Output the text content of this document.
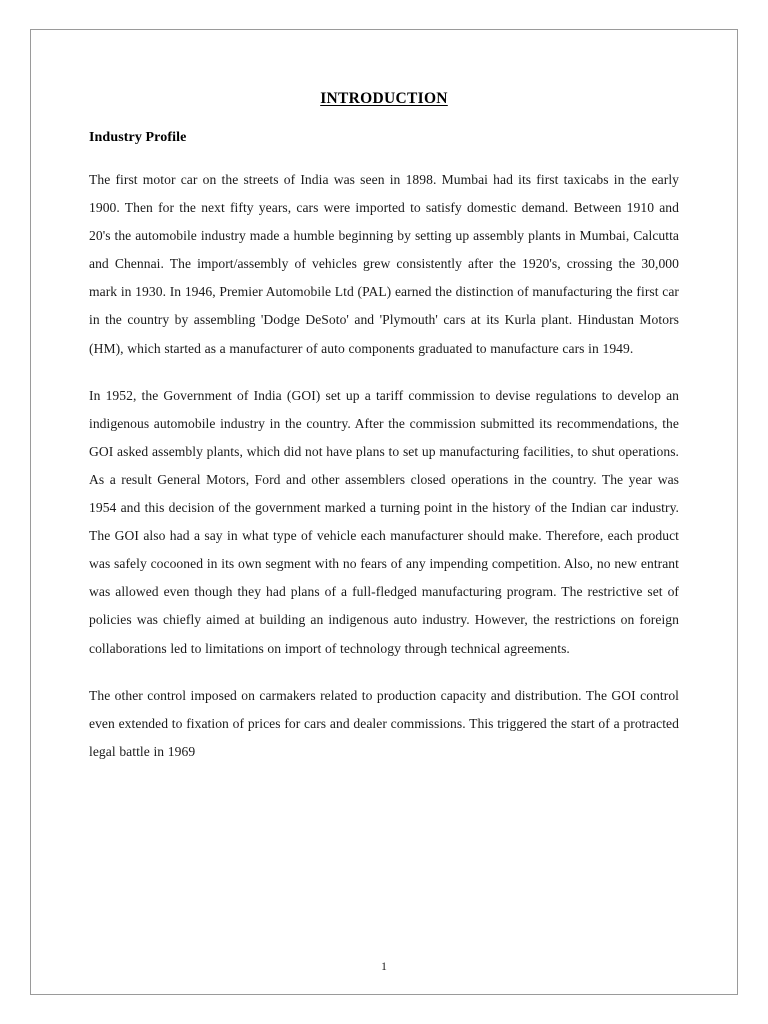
INTRODUCTION
Industry Profile

The first motor car on the streets of India was seen in 1898. Mumbai had its first taxicabs in the early 1900. Then for the next fifty years, cars were imported to satisfy domestic demand. Between 1910 and 20's the automobile industry made a humble beginning by setting up assembly plants in Mumbai, Calcutta and Chennai. The import/assembly of vehicles grew consistently after the 1920's, crossing the 30,000 mark in 1930. In 1946, Premier Automobile Ltd (PAL) earned the distinction of manufacturing the first car in the country by assembling 'Dodge DeSoto' and 'Plymouth' cars at its Kurla plant. Hindustan Motors (HM), which started as a manufacturer of auto components graduated to manufacture cars in 1949.

In 1952, the Government of India (GOI) set up a tariff commission to devise regulations to develop an indigenous automobile industry in the country. After the commission submitted its recommendations, the GOI asked assembly plants, which did not have plans to set up manufacturing facilities, to shut operations. As a result General Motors, Ford and other assemblers closed operations in the country. The year was 1954 and this decision of the government marked a turning point in the history of the Indian car industry. The GOI also had a say in what type of vehicle each manufacturer should make. Therefore, each product was safely cocooned in its own segment with no fears of any impending competition. Also, no new entrant was allowed even though they had plans of a full-fledged manufacturing program. The restrictive set of policies was chiefly aimed at building an indigenous auto industry. However, the restrictions on foreign collaborations led to limitations on import of technology through technical agreements.

The other control imposed on carmakers related to production capacity and distribution. The GOI control even extended to fixation of prices for cars and dealer commissions. This triggered the start of a protracted legal battle in 1969

1
